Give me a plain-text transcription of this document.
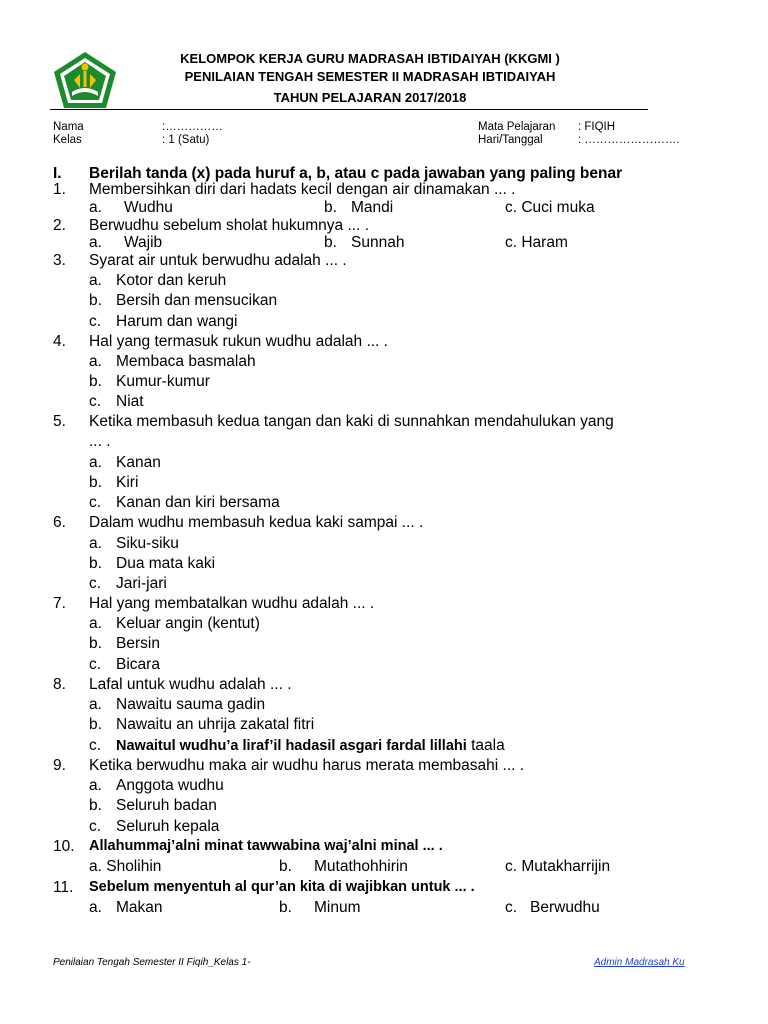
KELOMPOK KERJA GURU MADRASAH IBTIDAIYAH (KKGMI )
PENILAIAN TENGAH SEMESTER II MADRASAH IBTIDAIYAH
TAHUN PELAJARAN 2017/2018
Nama	:……………
Kelas	: 1 (Satu)
Mata Pelajaran : FIQIH
Hari/Tanggal	: …………………….
I. Berilah tanda (x) pada huruf a, b, atau c pada jawaban yang paling benar
1. Membersihkan diri dari hadats kecil dengan air dinamakan ... .
a. Wudhu	b. Mandi	c. Cuci muka
2. Berwudhu sebelum sholat hukumnya ... .
a. Wajib	b. Sunnah	c. Haram
3. Syarat air untuk berwudhu adalah ... .
a. Kotor dan keruh
b. Bersih dan mensucikan
c. Harum dan wangi
4. Hal yang termasuk rukun wudhu adalah ... .
a. Membaca basmalah
b. Kumur-kumur
c. Niat
5. Ketika membasuh kedua tangan dan kaki di sunnahkan mendahulukan yang
... .
a. Kanan
b. Kiri
c. Kanan dan kiri bersama
6. Dalam wudhu membasuh kedua kaki sampai ... .
a. Siku-siku
b. Dua mata kaki
c. Jari-jari
7. Hal yang membatalkan wudhu adalah ... .
a. Keluar angin (kentut)
b. Bersin
c. Bicara
8. Lafal untuk wudhu adalah ... .
a. Nawaitu sauma gadin
b. Nawaitu an uhrija zakatal fitri
c. Nawaitul wudhu’a liraf’il hadasil asgari fardal lillahi taala
9. Ketika berwudhu maka air wudhu harus merata membasahi ... .
a. Anggota wudhu
b. Seluruh badan
c. Seluruh kepala
10. Allahummaj’alni minat tawwabina waj’alni minal ... .
a. Sholihin	b. Mutathohhirin	c. Mutakharrijin
11. Sebelum menyentuh al qur’an kita di wajibkan untuk ... .
a. Makan	b. Minum	c. Berwudhu
Penilaian Tengah Semester II Fiqih_Kelas 1-	Admin Madrasah Ku
